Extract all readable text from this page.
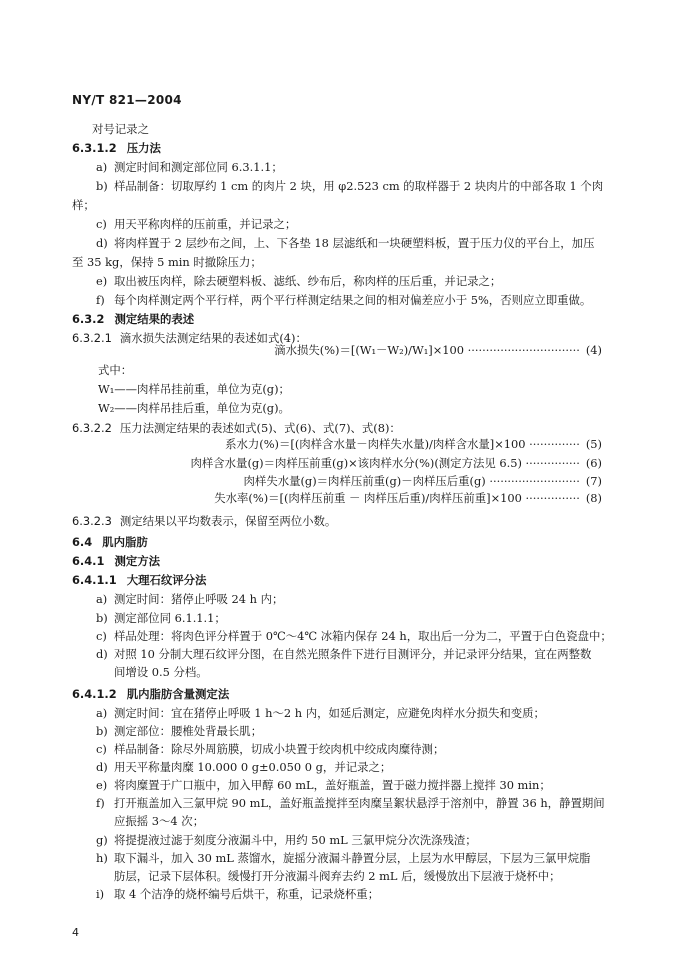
NY/T 821—2004
对号记录之
6.3.1.2 压力法
a) 测定时间和测定部位同 6.3.1.1；
b) 样品制备：切取厚约 1 cm 的肉片 2 块，用 φ2.523 cm 的取样器于 2 块肉片的中部各取 1 个肉
样；
c) 用天平称肉样的压前重，并记录之；
d) 将肉样置于 2 层纱布之间，上、下各垫 18 层滤纸和一块硬塑料板，置于压力仪的平台上，加压
至 35 kg，保持 5 min 时撤除压力；
e) 取出被压肉样，除去硬塑料板、滤纸、纱布后，称肉样的压后重，并记录之；
f) 每个肉样测定两个平行样，两个平行样测定结果之间的相对偏差应小于 5%，否则应立即重做。
6.3.2 测定结果的表述
6.3.2.1 滴水损失法测定结果的表述如式(4)：
滴水损失(%)＝[(W₁－W₂)/W₁]×100 ······························· (4)
式中：
W₁——肉样吊挂前重，单位为克(g)；
W₂——肉样吊挂后重，单位为克(g)。
6.3.2.2 压力法测定结果的表述如式(5)、式(6)、式(7)、式(8)：
系水力(%)＝[(肉样含水量－肉样失水量)/肉样含水量]×100 ·············· (5)
肉样含水量(g)＝肉样压前重(g)×该肉样水分(%)(测定方法见 6.5) ··············· (6)
肉样失水量(g)＝肉样压前重(g)－肉样压后重(g) ························· (7)
失水率(%)＝[(肉样压前重 － 肉样压后重)/肉样压前重]×100 ··············· (8)
6.3.2.3 测定结果以平均数表示，保留至两位小数。
6.4 肌内脂肪
6.4.1 测定方法
6.4.1.1 大理石纹评分法
a) 测定时间：猪停止呼吸 24 h 内；
b) 测定部位同 6.1.1.1；
c) 样品处理：将肉色评分样置于 0℃～4℃ 冰箱内保存 24 h，取出后一分为二，平置于白色瓷盘中；
d) 对照 10 分制大理石纹评分图，在自然光照条件下进行目测评分，并记录评分结果，宜在两整数
间增设 0.5 分档。
6.4.1.2 肌内脂肪含量测定法
a) 测定时间：宜在猪停止呼吸 1 h～2 h 内，如延后测定，应避免肉样水分损失和变质；
b) 测定部位：腰椎处背最长肌；
c) 样品制备：除尽外周筋膜，切成小块置于绞肉机中绞成肉糜待测；
d) 用天平称量肉糜 10.000 0 g±0.050 0 g，并记录之；
e) 将肉糜置于广口瓶中，加入甲醇 60 mL，盖好瓶盖，置于磁力搅拌器上搅拌 30 min；
f) 打开瓶盖加入三氯甲烷 90 mL，盖好瓶盖搅拌至肉糜呈絮状悬浮于溶剂中，静置 36 h，静置期间
应振摇 3～4 次；
g) 将提提液过滤于刻度分液漏斗中，用约 50 mL 三氯甲烷分次洗涤残渣；
h) 取下漏斗，加入 30 mL 蒸馏水，旋摇分液漏斗静置分层，上层为水甲醇层，下层为三氯甲烷脂
肪层，记录下层体积。缓慢打开分液漏斗阀弃去约 2 mL 后，缓慢放出下层液于烧杯中；
i) 取 4 个洁净的烧杯编号后烘干，称重，记录烧杯重；
4
